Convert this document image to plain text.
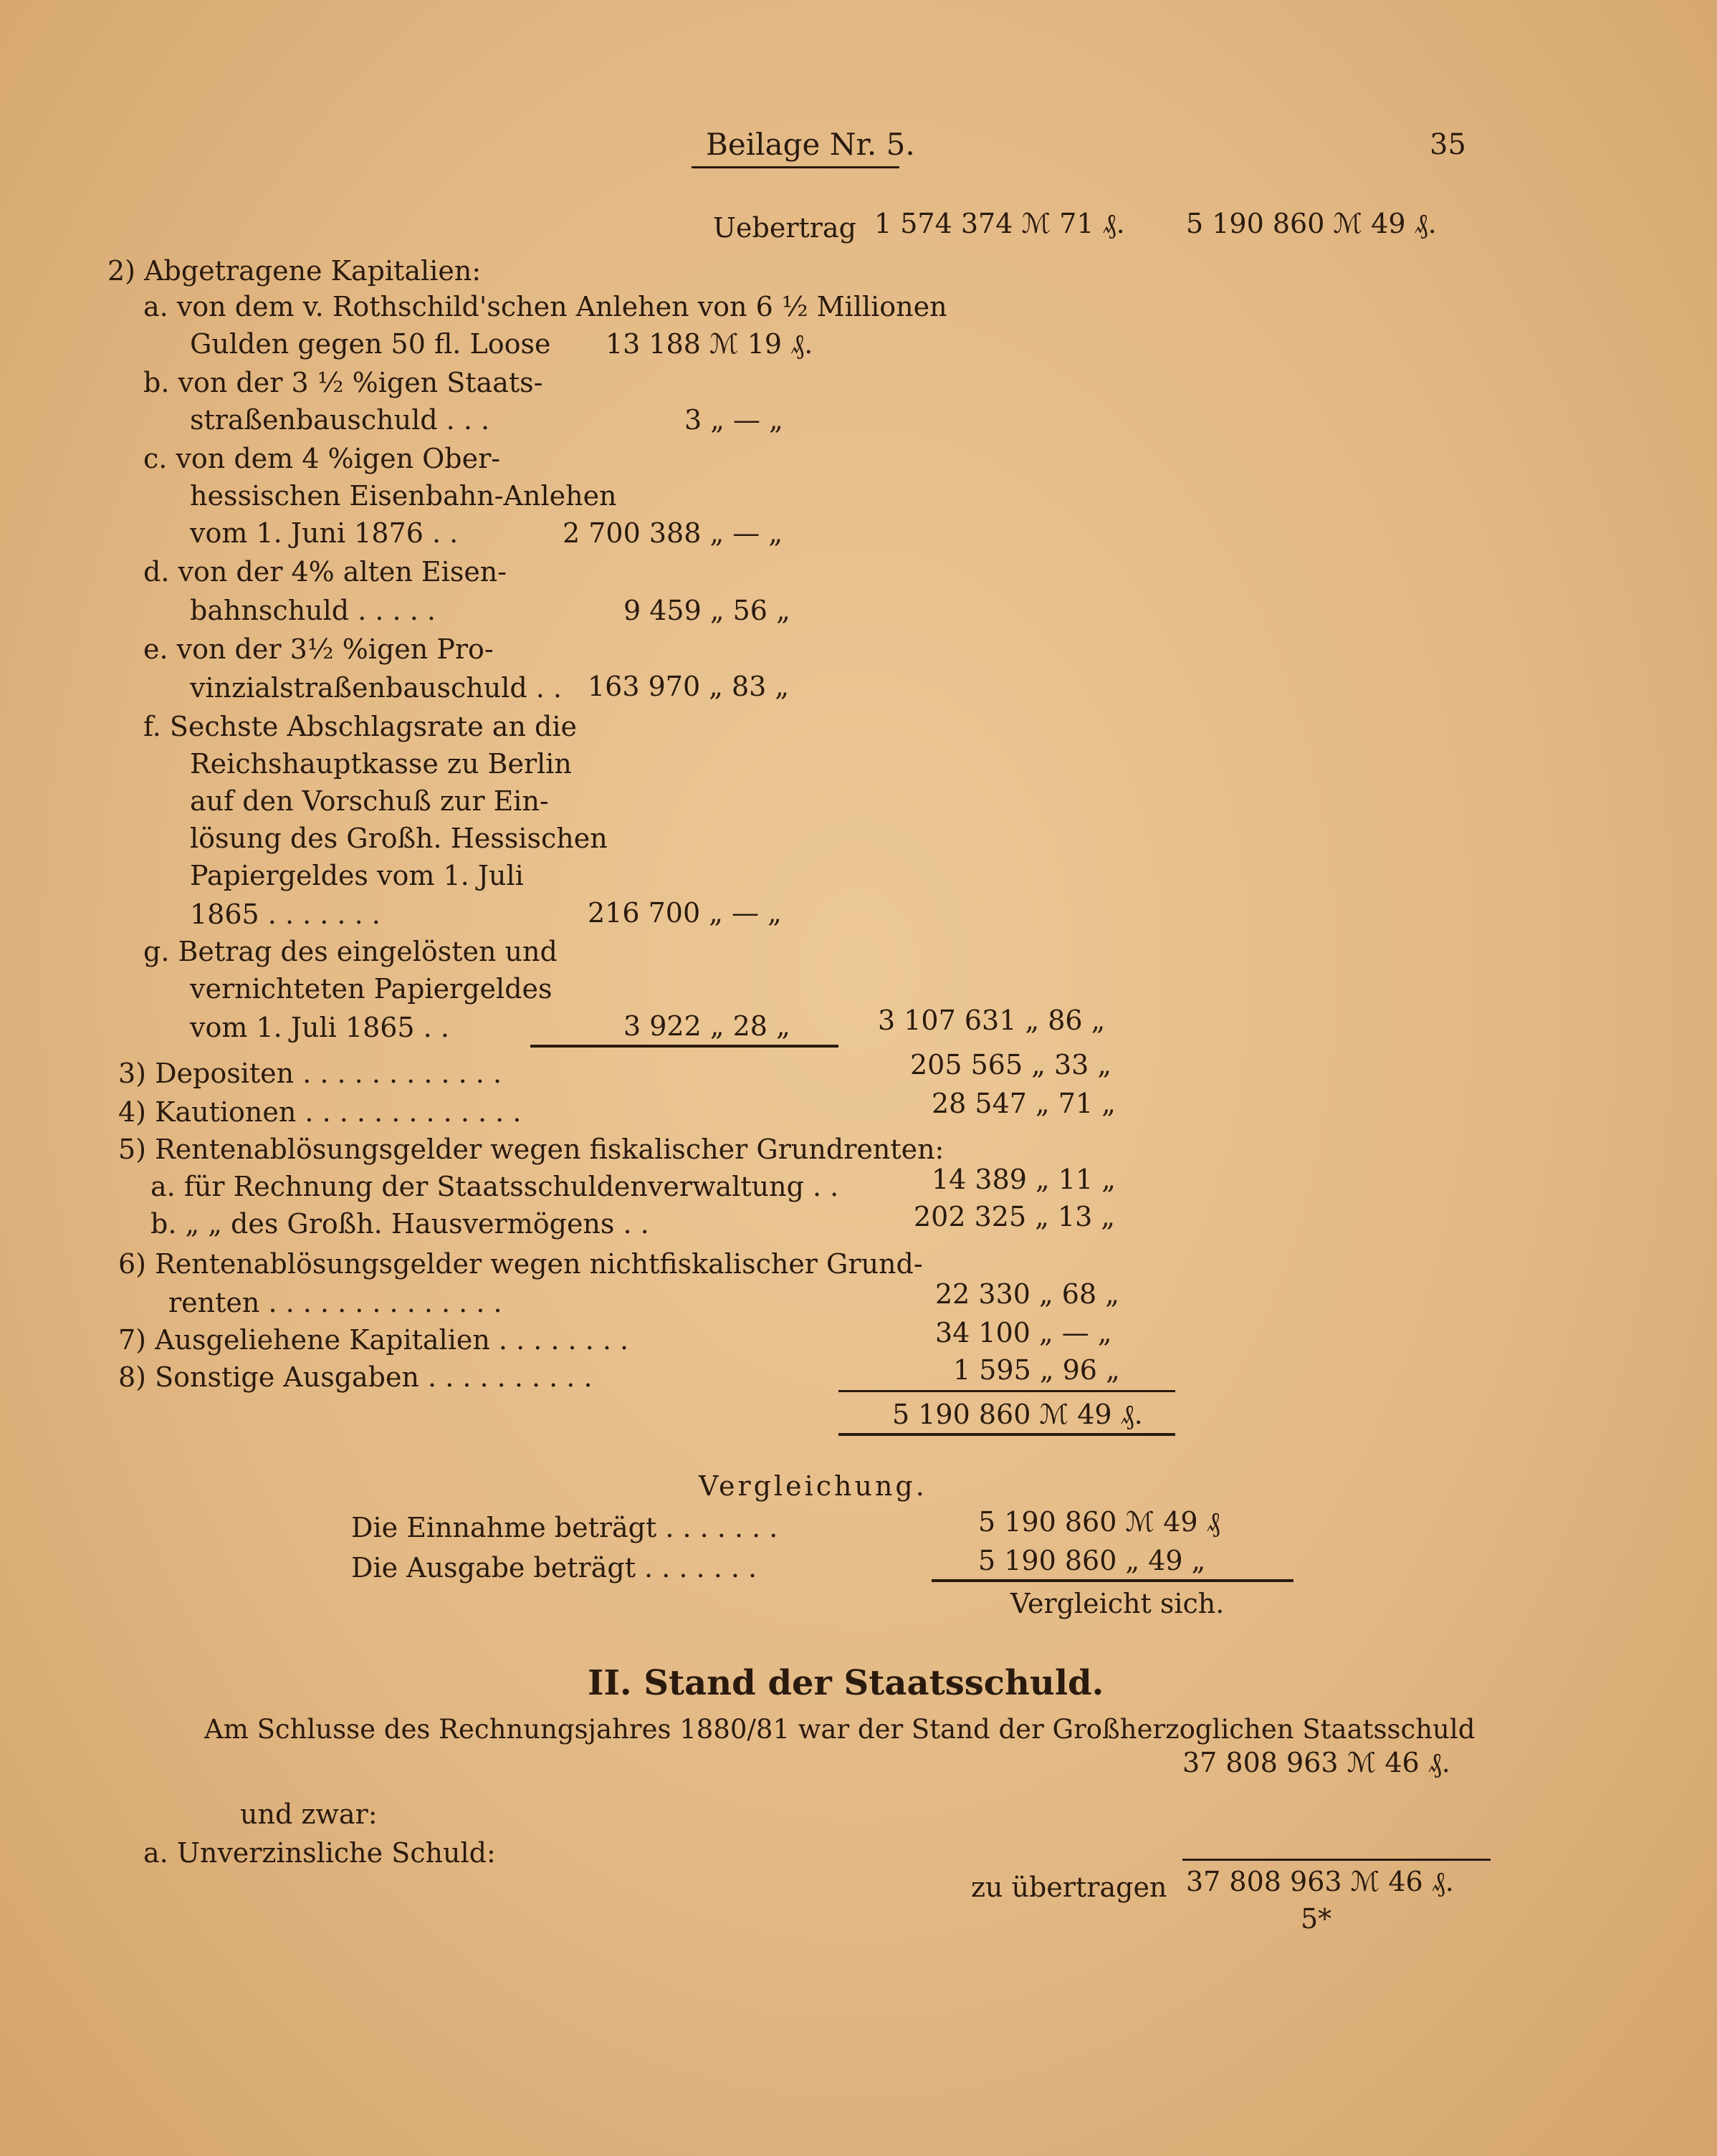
Beilage Nr. 5.	35
Uebertrag 1 574 374 ℳ 71 ₰. 5 190 860 ℳ 49 ₰.
2) Abgetragene Kapitalien:
a. von dem v. Rothschild'schen Anlehen von 6 ½ Millionen
Gulden gegen 50 fl. Loose 13 188 ℳ 19 ₰.
b. von der 3 ½ %igen Staats-
straßenbauschuld . . .	3 „ — „
c. von dem 4 %igen Ober-
hessischen Eisenbahn-Anlehen
vom 1. Juni 1876 . .	2 700 388 „ — „
d. von der 4% alten Eisen-
bahnschuld . . . . .	9 459 „ 56 „
e. von der 3½ %igen Pro-
vinzialstraßenbauschuld . . 163 970 „ 83 „
f. Sechste Abschlagsrate an die
Reichshauptkasse zu Berlin
auf den Vorschuß zur Ein-
lösung des Großh. Hessischen
Papiergeldes vom 1. Juli
1865 . . . . . . .	216 700 „ — „
g. Betrag des eingelösten und
vernichteten Papiergeldes
vom 1. Juli 1865 . .	3 922 „ 28 „	3 107 631 „ 86 „
3) Depositen . . . . . . . . . . . .	205 565 „ 33 „
4) Kautionen . . . . . . . . . . . . .	28 547 „ 71 „
5) Rentenablösungsgelder wegen fiskalischer Grundrenten:
a. für Rechnung der Staatsschuldenverwaltung . .	14 389 „ 11 „
b. „ „ des Großh. Hausvermögens . .	202 325 „ 13 „
6) Rentenablösungsgelder wegen nichtfiskalischer Grund-
renten . . . . . . . . . . . . . .	22 330 „ 68 „
7) Ausgeliehene Kapitalien . . . . . . . .	34 100 „ — „
8) Sonstige Ausgaben . . . . . . . . . .	1 595 „ 96 „
5 190 860 ℳ 49 ₰.
Vergleichung.
Die Einnahme beträgt . . . . . . .	5 190 860 ℳ 49 ₰
Die Ausgabe beträgt . . . . . . .	5 190 860 „ 49 „
Vergleicht sich.
II. Stand der Staatsschuld.
Am Schlusse des Rechnungsjahres 1880/81 war der Stand der Großherzoglichen Staatsschuld
37 808 963 ℳ 46 ₰.
und zwar:
a. Unverzinsliche Schuld:
zu übertragen 37 808 963 ℳ 46 ₰.
5*
